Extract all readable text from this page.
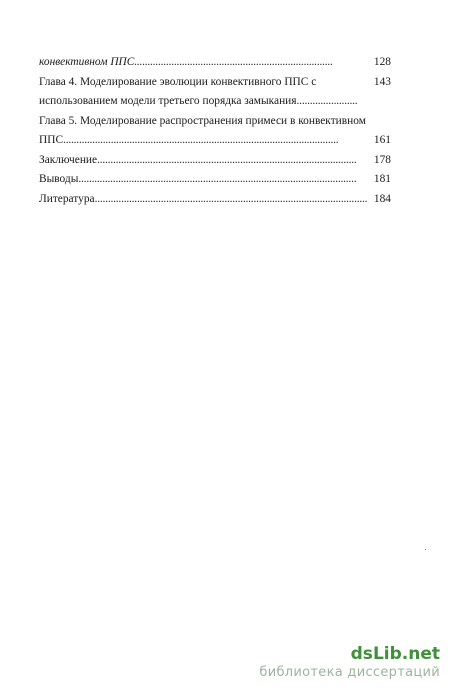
конвективном ППС...........................................................................	128
Глава 4. Моделирование эволюции конвективного ППС с	143
использованием модели третьего порядка замыкания.......................
Глава 5. Моделирование распространения примеси в конвективном
ППС........................................................................................................	161
Заключение..................................................................................................	178
Выводы.........................................................................................................	181
Литература....................................................................................................... 184
dsLib.net
библиотека диссертаций
